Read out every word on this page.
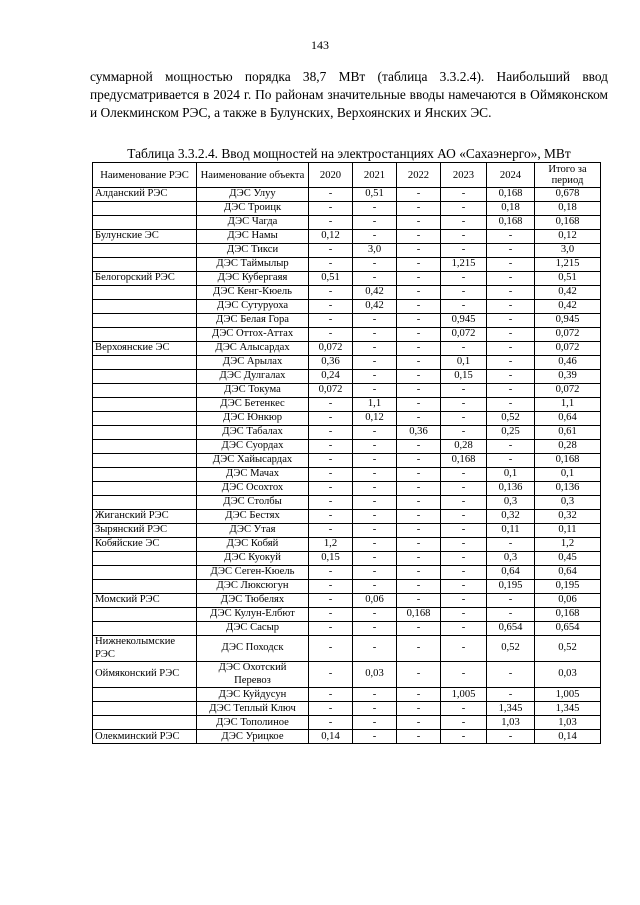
143
суммарной мощностью порядка 38,7 МВт (таблица 3.3.2.4). Наибольший ввод предусматривается в 2024 г. По районам значительные вводы намечаются в Оймяконском и Олекминском РЭС, а также в Булунских, Верхоянских и Янских ЭС.
Таблица 3.3.2.4. Ввод мощностей на электростанциях АО «Сахаэнерго», МВт
Наименование РЭС	Наименование объекта	2020	2021	2022	2023	2024	Итого за период
Алданский РЭС	ДЭС Улуу	-	0,51	-	-	0,168	0,678
	ДЭС Троицк	-	-	-	-	0,18	0,18
	ДЭС Чагда	-	-	-	-	0,168	0,168
Булунские ЭС	ДЭС Намы	0,12	-	-	-	-	0,12
	ДЭС Тикси	-	3,0	-	-	-	3,0
	ДЭС Таймылыр	-	-	-	1,215	-	1,215
Белогорский РЭС	ДЭС Кубергаяя	0,51	-	-	-	-	0,51
	ДЭС Кенг-Кюель	-	0,42	-	-	-	0,42
	ДЭС Сутуруоха	-	0,42	-	-	-	0,42
	ДЭС Белая Гора	-	-	-	0,945	-	0,945
	ДЭС Оттох-Аттах	-	-	-	0,072	-	0,072
Верхоянские ЭС	ДЭС Алысардах	0,072	-	-	-	-	0,072
	ДЭС Арылах	0,36	-	-	0,1	-	0,46
	ДЭС Дулгалах	0,24	-	-	0,15	-	0,39
	ДЭС Токума	0,072	-	-	-	-	0,072
	ДЭС Бетенкес	-	1,1	-	-	-	1,1
	ДЭС Юнкюр	-	0,12	-	-	0,52	0,64
	ДЭС Табалах	-	-	0,36	-	0,25	0,61
	ДЭС Суордах	-	-	-	0,28	-	0,28
	ДЭС Хайысардах	-	-	-	0,168	-	0,168
	ДЭС Мачах	-	-	-	-	0,1	0,1
	ДЭС Осохтох	-	-	-	-	0,136	0,136
	ДЭС Столбы	-	-	-	-	0,3	0,3
Жиганский РЭС	ДЭС Бестях	-	-	-	-	0,32	0,32
Зырянский РЭС	ДЭС Утая	-	-	-	-	0,11	0,11
Кобяйские ЭС	ДЭС Кобяй	1,2	-	-	-	-	1,2
	ДЭС Куокуй	0,15	-	-	-	0,3	0,45
	ДЭС Сеген-Кюель	-	-	-	-	0,64	0,64
	ДЭС Люксюгун	-	-	-	-	0,195	0,195
Момский РЭС	ДЭС Тюбелях	-	0,06	-	-	-	0,06
	ДЭС Кулун-Елбют	-	-	0,168	-	-	0,168
	ДЭС Сасыр	-	-	-	-	0,654	0,654
Нижнеколымские РЭС	ДЭС Походск	-	-	-	-	0,52	0,52
Оймяконский РЭС	ДЭС Охотский Перевоз	-	0,03	-	-	-	0,03
	ДЭС Куйдусун	-	-	-	1,005	-	1,005
	ДЭС Теплый Ключ	-	-	-	-	1,345	1,345
	ДЭС Тополиное	-	-	-	-	1,03	1,03
Олекминский РЭС	ДЭС Урицкое	0,14	-	-	-	-	0,14
